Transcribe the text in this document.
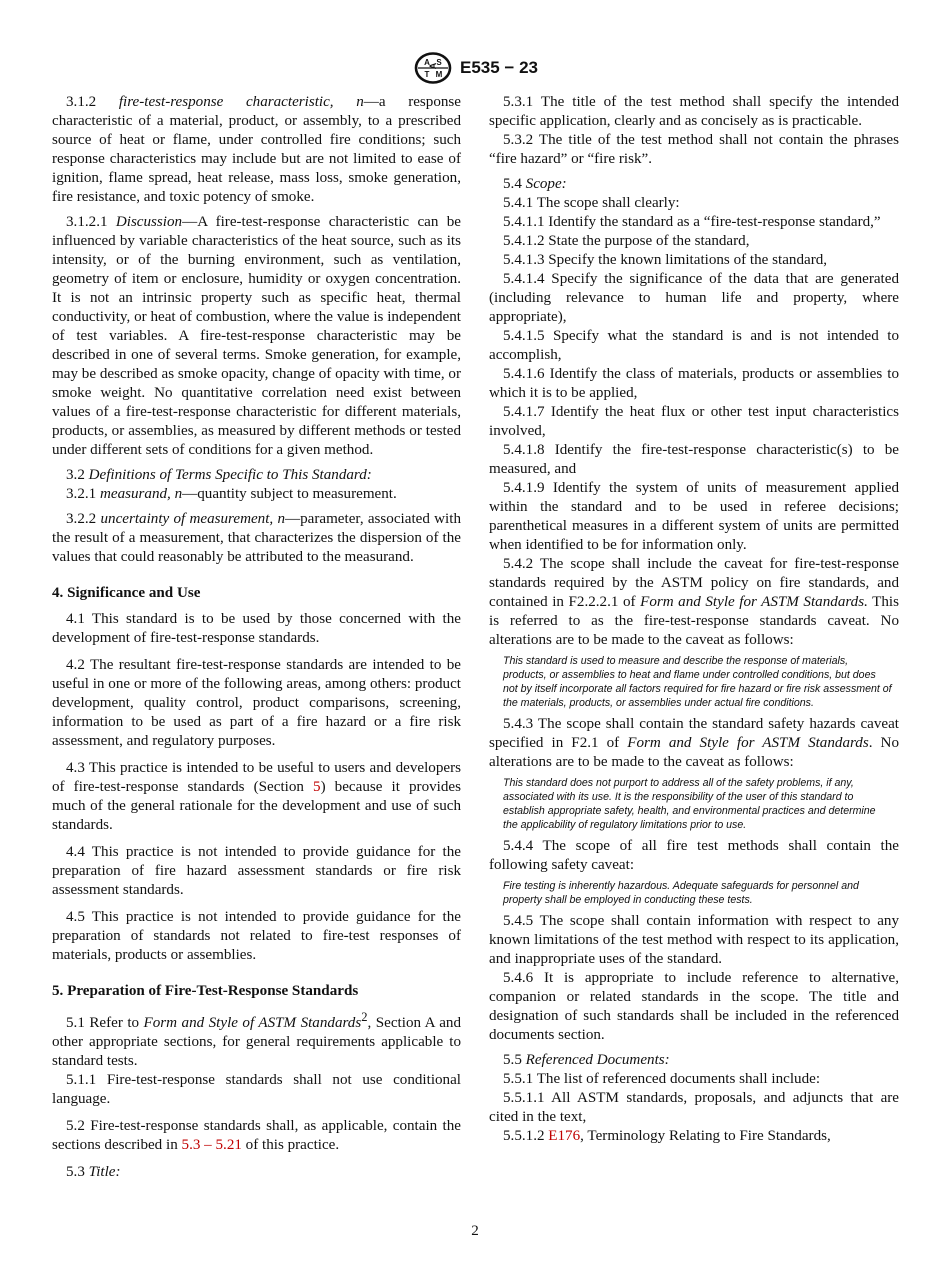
A
A S
T M E535 − 23

3.1.2 fire-test-response characteristic, n—a response characteristic of a material, product, or assembly, to a prescribed source of heat or flame, under controlled fire conditions; such response characteristics may include but are not limited to ease of ignition, flame spread, heat release, mass loss, smoke generation, fire resistance, and toxic potency of smoke.

3.1.2.1 Discussion—A fire-test-response characteristic can be influenced by variable characteristics of the heat source, such as its intensity, or of the burning environment, such as ventilation, geometry of item or enclosure, humidity or oxygen concentration. It is not an intrinsic property such as specific heat, thermal conductivity, or heat of combustion, where the value is independent of test variables. A fire-test-response characteristic may be described in one of several terms. Smoke generation, for example, may be described as smoke opacity, change of opacity with time, or smoke weight. No quantitative correlation need exist between values of a fire-test-response characteristic for different materials, products, or assemblies, as measured by different methods or tested under different sets of conditions for a given method.

3.2 Definitions of Terms Specific to This Standard:

3.2.1 measurand, n—quantity subject to measurement.

3.2.2 uncertainty of measurement, n—parameter, associated with the result of a measurement, that characterizes the dispersion of the values that could reasonably be attributed to the measurand.

4. Significance and Use

4.1 This standard is to be used by those concerned with the development of fire-test-response standards.

4.2 The resultant fire-test-response standards are intended to be useful in one or more of the following areas, among others: product development, quality control, product comparisons, screening, information to be used as part of a fire hazard or a fire risk assessment, and regulatory purposes.

4.3 This practice is intended to be useful to users and developers of fire-test-response standards (Section 5) because it provides much of the general rationale for the development and use of such standards.

4.4 This practice is not intended to provide guidance for the preparation of fire hazard assessment standards or fire risk assessment standards.

4.5 This practice is not intended to provide guidance for the preparation of standards not related to fire-test responses of materials, products or assemblies.

5. Preparation of Fire-Test-Response Standards

5.1 Refer to Form and Style of ASTM Standards$^2$, Section A and other appropriate sections, for general requirements applicable to standard tests.

5.1.1 Fire-test-response standards shall not use conditional language.

5.2 Fire-test-response standards shall, as applicable, contain the sections described in 5.3 – 5.21 of this practice.

5.3 Title:

5.3.1 The title of the test method shall specify the intended specific application, clearly and as concisely as is practicable.

5.3.2 The title of the test method shall not contain the phrases “fire hazard” or “fire risk”.

5.4 Scope:

5.4.1 The scope shall clearly:

5.4.1.1 Identify the standard as a “fire-test-response standard,”

5.4.1.2 State the purpose of the standard,

5.4.1.3 Specify the known limitations of the standard,

5.4.1.4 Specify the significance of the data that are generated (including relevance to human life and property, where appropriate),

5.4.1.5 Specify what the standard is and is not intended to accomplish,

5.4.1.6 Identify the class of materials, products or assemblies to which it is to be applied,

5.4.1.7 Identify the heat flux or other test input characteristics involved,

5.4.1.8 Identify the fire-test-response characteristic(s) to be measured, and

5.4.1.9 Identify the system of units of measurement applied within the standard and to be used in referee decisions; parenthetical measures in a different system of units are permitted when identified to be for information only.

5.4.2 The scope shall include the caveat for fire-test-response standards required by the ASTM policy on fire standards, and contained in F2.2.2.1 of Form and Style for ASTM Standards. This is referred to as the fire-test-response standards caveat. No alterations are to be made to the caveat as follows:

This standard is used to measure and describe the response of materials, products, or assemblies to heat and flame under controlled conditions, but does not by itself incorporate all factors required for fire hazard or fire risk assessment of the materials, products, or assemblies under actual fire conditions.

5.4.3 The scope shall contain the standard safety hazards caveat specified in F2.1 of Form and Style for ASTM Standards. No alterations are to be made to the caveat as follows:

This standard does not purport to address all of the safety problems, if any, associated with its use. It is the responsibility of the user of this standard to establish appropriate safety, health, and environmental practices and determine the applicability of regulatory limitations prior to use.

5.4.4 The scope of all fire test methods shall contain the following safety caveat:

Fire testing is inherently hazardous. Adequate safeguards for personnel and property shall be employed in conducting these tests.

5.4.5 The scope shall contain information with respect to any known limitations of the test method with respect to its application, and inappropriate uses of the standard.

5.4.6 It is appropriate to include reference to alternative, companion or related standards in the scope. The title and designation of such standards shall be included in the referenced documents section.

5.5 Referenced Documents:

5.5.1 The list of referenced documents shall include:

5.5.1.1 All ASTM standards, proposals, and adjuncts that are cited in the text,

5.5.1.2 E176, Terminology Relating to Fire Standards,

2
